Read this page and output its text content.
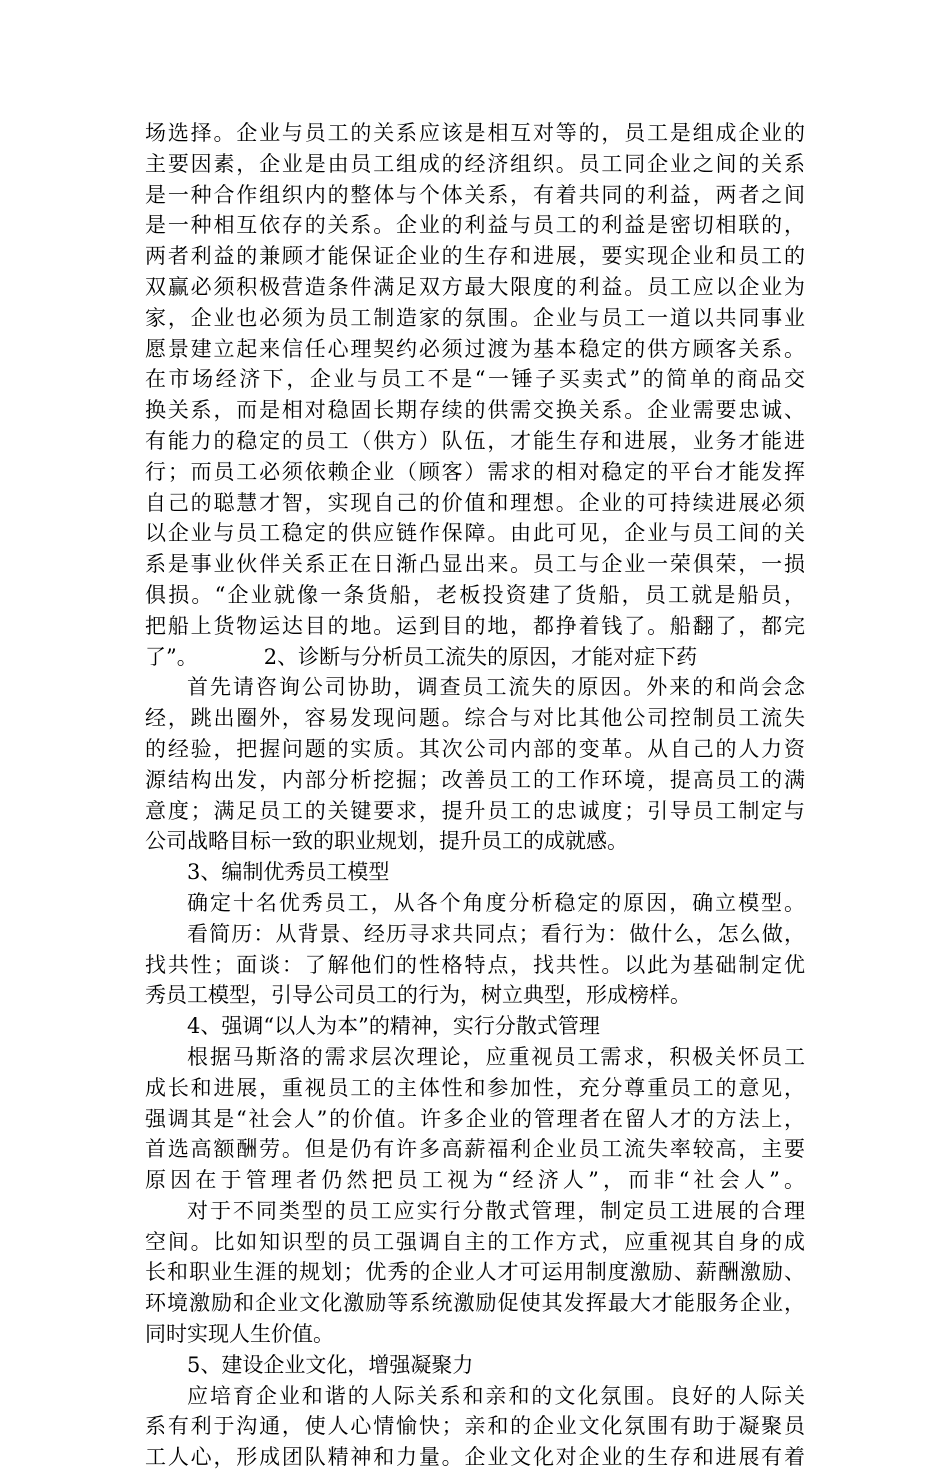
场选择。企业与员工的关系应该是相互对等的，员工是组成企业的
主要因素，企业是由员工组成的经济组织。员工同企业之间的关系
是一种合作组织内的整体与个体关系，有着共同的利益，两者之间
是一种相互依存的关系。企业的利益与员工的利益是密切相联的，
两者利益的兼顾才能保证企业的生存和进展，要实现企业和员工的
双赢必须积极营造条件满足双方最大限度的利益。员工应以企业为
家，企业也必须为员工制造家的氛围。企业与员工一道以共同事业
愿景建立起来信任心理契约必须过渡为基本稳定的供方顾客关系。
在市场经济下，企业与员工不是“一锤子买卖式”的简单的商品交
换关系，而是相对稳固长期存续的供需交换关系。企业需要忠诚、
有能力的稳定的员工（供方）队伍，才能生存和进展，业务才能进
行；而员工必须依赖企业（顾客）需求的相对稳定的平台才能发挥
自己的聪慧才智，实现自己的价值和理想。企业的可持续进展必须
以企业与员工稳定的供应链作保障。由此可见，企业与员工间的关
系是事业伙伴关系正在日渐凸显出来。员工与企业一荣俱荣，一损
俱损。“企业就像一条货船，老板投资建了货船，员工就是船员，
把船上货物运达目的地。运到目的地，都挣着钱了。船翻了，都完
了”。	2、诊断与分析员工流失的原因，才能对症下药
首先请咨询公司协助，调查员工流失的原因。外来的和尚会念
经，跳出圈外，容易发现问题。综合与对比其他公司控制员工流失
的经验，把握问题的实质。其次公司内部的变革。从自己的人力资
源结构出发，内部分析挖掘；改善员工的工作环境，提高员工的满
意度；满足员工的关键要求，提升员工的忠诚度；引导员工制定与
公司战略目标一致的职业规划，提升员工的成就感。
3、编制优秀员工模型
确定十名优秀员工，从各个角度分析稳定的原因，确立模型。
看简历：从背景、经历寻求共同点；看行为：做什么，怎么做，
找共性；面谈：了解他们的性格特点，找共性。以此为基础制定优
秀员工模型，引导公司员工的行为，树立典型，形成榜样。
4、强调“以人为本”的精神，实行分散式管理
根据马斯洛的需求层次理论，应重视员工需求，积极关怀员工
成长和进展，重视员工的主体性和参加性，充分尊重员工的意见，
强调其是“社会人”的价值。许多企业的管理者在留人才的方法上，
首选高额酬劳。但是仍有许多高薪福利企业员工流失率较高，主要
原因在于管理者仍然把员工视为“经济人”，而非“社会人”。
对于不同类型的员工应实行分散式管理，制定员工进展的合理
空间。比如知识型的员工强调自主的工作方式，应重视其自身的成
长和职业生涯的规划；优秀的企业人才可运用制度激励、薪酬激励、
环境激励和企业文化激励等系统激励促使其发挥最大才能服务企业，
同时实现人生价值。
5、建设企业文化，增强凝聚力
应培育企业和谐的人际关系和亲和的文化氛围。良好的人际关
系有利于沟通，使人心情愉快；亲和的企业文化氛围有助于凝聚员
工人心，形成团队精神和力量。企业文化对企业的生存和进展有着
